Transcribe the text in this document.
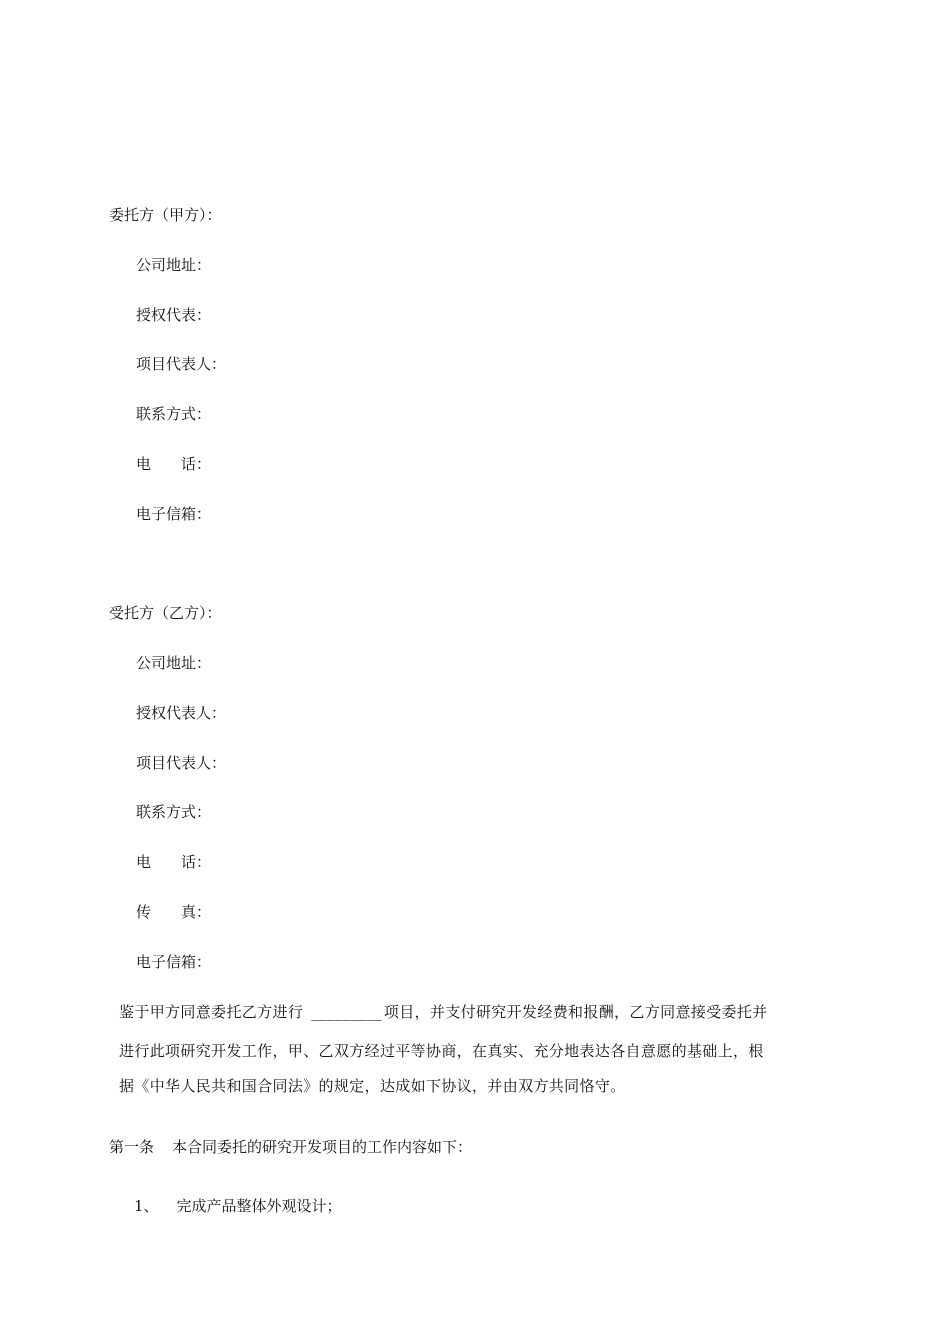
委托方（甲方）：
公司地址：
授权代表：
项目代表人：
联系方式：
电　　话：
电子信箱：
受托方（乙方）：
公司地址：
授权代表人：
项目代表人：
联系方式：
电　　话：
传　　真：
电子信箱：
鉴于甲方同意委托乙方进行 _________ 项目，并支付研究开发经费和报酬，乙方同意接受委托并
进行此项研究开发工作，甲、乙双方经过平等协商，在真实、充分地表达各自意愿的基础上，根
据《中华人民共和国合同法》的规定，达成如下协议，并由双方共同恪守。
第一条 本合同委托的研究开发项目的工作内容如下：
1、 完成产品整体外观设计；
